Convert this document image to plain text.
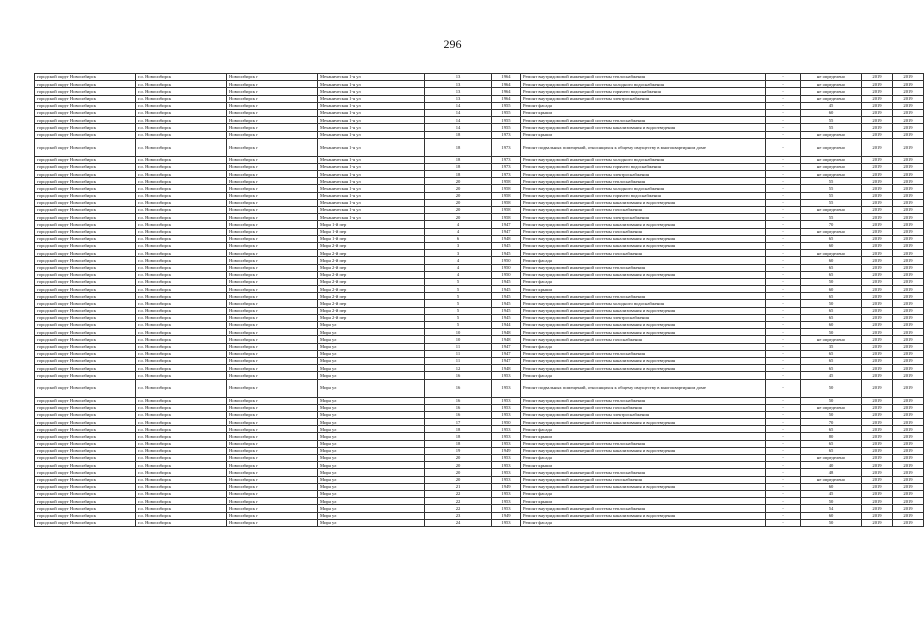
296
городской округ Новосибирск	г.о. Новосибирск	Новосибирск г	Механическая 1-я ул	13	1964	Ремонт внутридомовой инженерной системы теплоснабжения	-	не определено	2019	2019
городской округ Новосибирск	г.о. Новосибирск	Новосибирск г	Механическая 1-я ул	13	1964	Ремонт внутридомовой инженерной системы холодного водоснабжения	-	не определено	2019	2019
городской округ Новосибирск	г.о. Новосибирск	Новосибирск г	Механическая 1-я ул	13	1964	Ремонт внутридомовой инженерной системы горячего водоснабжения	-	не определено	2019	2019
городской округ Новосибирск	г.о. Новосибирск	Новосибирск г	Механическая 1-я ул	13	1964	Ремонт внутридомовой инженерной системы электроснабжения	-	не определено	2019	2019
городской округ Новосибирск	г.о. Новосибирск	Новосибирск г	Механическая 1-я ул	14	1955	Ремонт фасада	-	45	2019	2019
городской округ Новосибирск	г.о. Новосибирск	Новосибирск г	Механическая 1-я ул	14	1955	Ремонт крыши	-	60	2019	2019
городской округ Новосибирск	г.о. Новосибирск	Новосибирск г	Механическая 1-я ул	14	1955	Ремонт внутридомовой инженерной системы теплоснабжения	-	55	2019	2019
городской округ Новосибирск	г.о. Новосибирск	Новосибирск г	Механическая 1-я ул	14	1955	Ремонт внутридомовой инженерной системы канализования и водоотведения	-	55	2019	2019
городской округ Новосибирск	г.о. Новосибирск	Новосибирск г	Механическая 1-я ул	18	1973	Ремонт крыши	-	не определено	2019	2019
городской округ Новосибирск	г.о. Новосибирск	Новосибирск г	Механическая 1-я ул	18	1973	Ремонт подвальных помещений, относящихся к общему имуществу в многоквартирном доме	-	не определено	2019	2019
городской округ Новосибирск	г.о. Новосибирск	Новосибирск г	Механическая 1-я ул	18	1973	Ремонт внутридомовой инженерной системы холодного водоснабжения	-	не определено	2019	2019
городской округ Новосибирск	г.о. Новосибирск	Новосибирск г	Механическая 1-я ул	18	1973	Ремонт внутридомовой инженерной системы горячего водоснабжения	-	не определено	2019	2019
городской округ Новосибирск	г.о. Новосибирск	Новосибирск г	Механическая 1-я ул	18	1973	Ремонт внутридомовой инженерной системы электроснабжения	-	не определено	2019	2019
городской округ Новосибирск	г.о. Новосибирск	Новосибирск г	Механическая 1-я ул	20	1958	Ремонт внутридомовой инженерной системы теплоснабжения	-	55	2019	2019
городской округ Новосибирск	г.о. Новосибирск	Новосибирск г	Механическая 1-я ул	20	1958	Ремонт внутридомовой инженерной системы холодного водоснабжения	-	55	2019	2019
городской округ Новосибирск	г.о. Новосибирск	Новосибирск г	Механическая 1-я ул	20	1958	Ремонт внутридомовой инженерной системы горячего водоснабжения	-	55	2019	2019
городской округ Новосибирск	г.о. Новосибирск	Новосибирск г	Механическая 1-я ул	20	1958	Ремонт внутридомовой инженерной системы канализования и водоотведения	-	55	2019	2019
городской округ Новосибирск	г.о. Новосибирск	Новосибирск г	Механическая 1-я ул	20	1958	Ремонт внутридомовой инженерной системы газоснабжения	-	не определено	2019	2019
городской округ Новосибирск	г.о. Новосибирск	Новосибирск г	Механическая 1-я ул	20	1958	Ремонт внутридомовой инженерной системы электроснабжения	-	55	2019	2019
городской округ Новосибирск	г.о. Новосибирск	Новосибирск г	Мира 1-й пер	4	1947	Ремонт внутридомовой инженерной системы канализования и водоотведения	-	70	2019	2019
городской округ Новосибирск	г.о. Новосибирск	Новосибирск г	Мира 1-й пер	4	1947	Ремонт внутридомовой инженерной системы газоснабжения	-	не определено	2019	2019
городской округ Новосибирск	г.о. Новосибирск	Новосибирск г	Мира 1-й пер	6	1948	Ремонт внутридомовой инженерной системы канализования и водоотведения	-	65	2019	2019
городской округ Новосибирск	г.о. Новосибирск	Новосибирск г	Мира 2-й пер	3	1945	Ремонт внутридомовой инженерной системы канализования и водоотведения	-	60	2019	2019
городской округ Новосибирск	г.о. Новосибирск	Новосибирск г	Мира 2-й пер	3	1945	Ремонт внутридомовой инженерной системы газоснабжения	-	не определено	2019	2019
городской округ Новосибирск	г.о. Новосибирск	Новосибирск г	Мира 2-й пер	4	1950	Ремонт фасада	-	60	2019	2019
городской округ Новосибирск	г.о. Новосибирск	Новосибирск г	Мира 2-й пер	4	1950	Ремонт внутридомовой инженерной системы теплоснабжения	-	65	2019	2019
городской округ Новосибирск	г.о. Новосибирск	Новосибирск г	Мира 2-й пер	4	1950	Ремонт внутридомовой инженерной системы канализования и водоотведения	-	65	2019	2019
городской округ Новосибирск	г.о. Новосибирск	Новосибирск г	Мира 2-й пер	5	1945	Ремонт фасада	-	50	2019	2019
городской округ Новосибирск	г.о. Новосибирск	Новосибирск г	Мира 2-й пер	5	1945	Ремонт крыши	-	60	2019	2019
городской округ Новосибирск	г.о. Новосибирск	Новосибирск г	Мира 2-й пер	5	1945	Ремонт внутридомовой инженерной системы теплоснабжения	-	65	2019	2019
городской округ Новосибирск	г.о. Новосибирск	Новосибирск г	Мира 2-й пер	5	1945	Ремонт внутридомовой инженерной системы холодного водоснабжения	-	50	2019	2019
городской округ Новосибирск	г.о. Новосибирск	Новосибирск г	Мира 2-й пер	5	1945	Ремонт внутридомовой инженерной системы канализования и водоотведения	-	65	2019	2019
городской округ Новосибирск	г.о. Новосибирск	Новосибирск г	Мира 2-й пер	5	1945	Ремонт внутридомовой инженерной системы электроснабжения	-	65	2019	2019
городской округ Новосибирск	г.о. Новосибирск	Новосибирск г	Мира ул	5	1944	Ремонт внутридомовой инженерной системы канализования и водоотведения	-	60	2019	2019
городской округ Новосибирск	г.о. Новосибирск	Новосибирск г	Мира ул	10	1948	Ремонт внутридомовой инженерной системы канализования и водоотведения	-	50	2019	2019
городской округ Новосибирск	г.о. Новосибирск	Новосибирск г	Мира ул	10	1948	Ремонт внутридомовой инженерной системы газоснабжения	-	не определено	2019	2019
городской округ Новосибирск	г.о. Новосибирск	Новосибирск г	Мира ул	11	1947	Ремонт фасада	-	35	2019	2019
городской округ Новосибирск	г.о. Новосибирск	Новосибирск г	Мира ул	11	1947	Ремонт внутридомовой инженерной системы теплоснабжения	-	65	2019	2019
городской округ Новосибирск	г.о. Новосибирск	Новосибирск г	Мира ул	11	1947	Ремонт внутридомовой инженерной системы канализования и водоотведения	-	65	2019	2019
городской округ Новосибирск	г.о. Новосибирск	Новосибирск г	Мира ул	12	1948	Ремонт внутридомовой инженерной системы канализования и водоотведения	-	65	2019	2019
городской округ Новосибирск	г.о. Новосибирск	Новосибирск г	Мира ул	16	1953	Ремонт фасада	-	45	2019	2019
городской округ Новосибирск	г.о. Новосибирск	Новосибирск г	Мира ул	16	1953	Ремонт подвальных помещений, относящихся к общему имуществу в многоквартирном доме	-	50	2019	2019
городской округ Новосибирск	г.о. Новосибирск	Новосибирск г	Мира ул	16	1953	Ремонт внутридомовой инженерной системы теплоснабжения	-	50	2019	2019
городской округ Новосибирск	г.о. Новосибирск	Новосибирск г	Мира ул	16	1953	Ремонт внутридомовой инженерной системы газоснабжения	-	не определено	2019	2019
городской округ Новосибирск	г.о. Новосибирск	Новосибирск г	Мира ул	16	1953	Ремонт внутридомовой инженерной системы электроснабжения	-	50	2019	2019
городской округ Новосибирск	г.о. Новосибирск	Новосибирск г	Мира ул	17	1950	Ремонт внутридомовой инженерной системы канализования и водоотведения	-	70	2019	2019
городской округ Новосибирск	г.о. Новосибирск	Новосибирск г	Мира ул	18	1953	Ремонт фасада	-	65	2019	2019
городской округ Новосибирск	г.о. Новосибирск	Новосибирск г	Мира ул	18	1953	Ремонт крыши	-	80	2019	2019
городской округ Новосибирск	г.о. Новосибирск	Новосибирск г	Мира ул	18	1953	Ремонт внутридомовой инженерной системы теплоснабжения	-	65	2019	2019
городской округ Новосибирск	г.о. Новосибирск	Новосибирск г	Мира ул	19	1949	Ремонт внутридомовой инженерной системы канализования и водоотведения	-	65	2019	2019
городской округ Новосибирск	г.о. Новосибирск	Новосибирск г	Мира ул	20	1953	Ремонт фасада	-	не определено	2019	2019
городской округ Новосибирск	г.о. Новосибирск	Новосибирск г	Мира ул	20	1953	Ремонт крыши	-	40	2019	2019
городской округ Новосибирск	г.о. Новосибирск	Новосибирск г	Мира ул	20	1953	Ремонт внутридомовой инженерной системы теплоснабжения	-	48	2019	2019
городской округ Новосибирск	г.о. Новосибирск	Новосибирск г	Мира ул	20	1953	Ремонт внутридомовой инженерной системы газоснабжения	-	не определено	2019	2019
городской округ Новосибирск	г.о. Новосибирск	Новосибирск г	Мира ул	21	1949	Ремонт внутридомовой инженерной системы канализования и водоотведения	-	60	2019	2019
городской округ Новосибирск	г.о. Новосибирск	Новосибирск г	Мира ул	22	1953	Ремонт фасада	-	45	2019	2019
городской округ Новосибирск	г.о. Новосибирск	Новосибирск г	Мира ул	22	1953	Ремонт крыши	-	50	2019	2019
городской округ Новосибирск	г.о. Новосибирск	Новосибирск г	Мира ул	22	1953	Ремонт внутридомовой инженерной системы теплоснабжения	-	54	2019	2019
городской округ Новосибирск	г.о. Новосибирск	Новосибирск г	Мира ул	23	1949	Ремонт внутридомовой инженерной системы канализования и водоотведения	-	60	2019	2019
городской округ Новосибирск	г.о. Новосибирск	Новосибирск г	Мира ул	24	1953	Ремонт фасада	-	50	2019	2019
